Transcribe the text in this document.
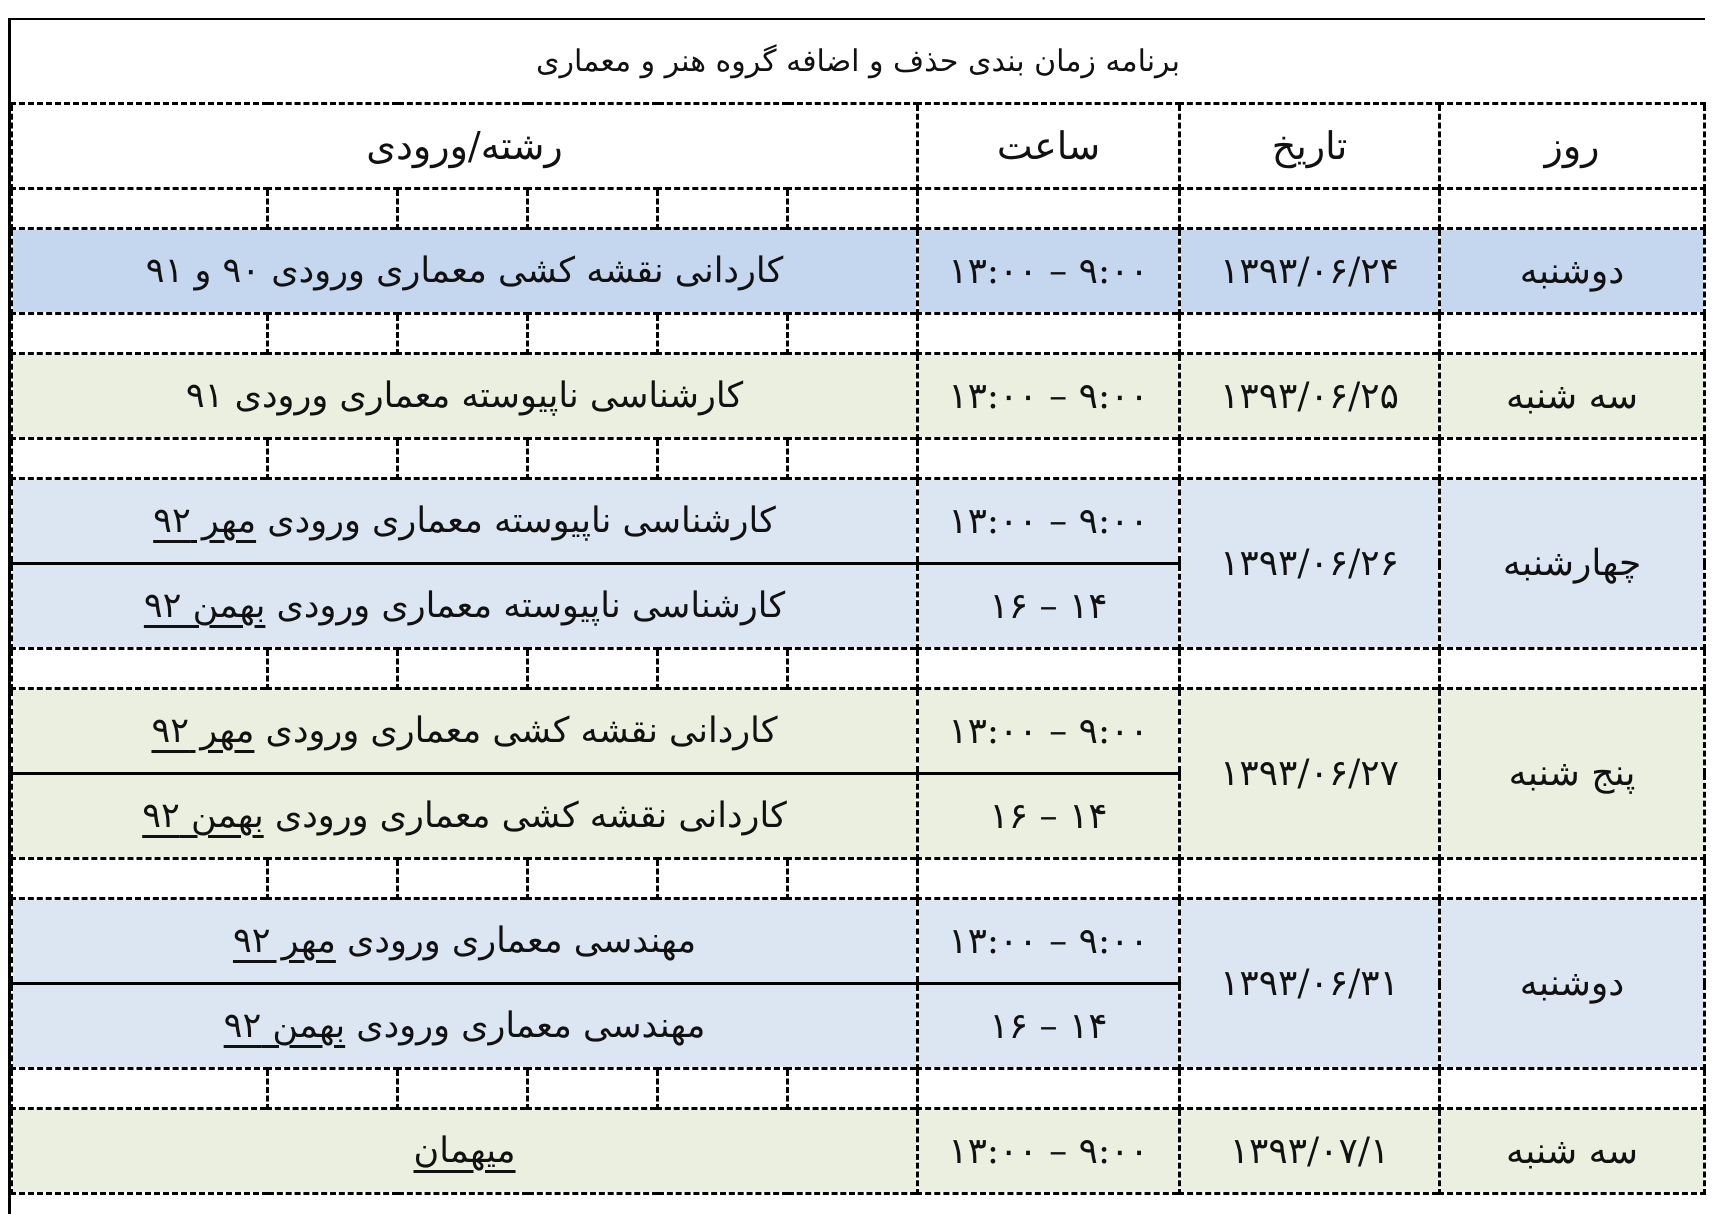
برنامه زمان بندی حذف و اضافه گروه هنر و معماری								
روز	تاریخ	ساعت	رشته/ورودی					

دوشنبه	۱۳۹۳/۰۶/۲۴	۹:۰۰ – ۱۳:۰۰	کاردانی نقشه کشی معماری ورودی ۹۰ و ۹۱					

سه شنبه	۱۳۹۳/۰۶/۲۵	۹:۰۰ – ۱۳:۰۰	کارشناسی ناپیوسته معماری ورودی ۹۱					

چهارشنبه	۱۳۹۳/۰۶/۲۶	۹:۰۰ – ۱۳:۰۰	کارشناسی ناپیوسته معماری ورودی مهر ۹۲					
		۱۴ – ۱۶	کارشناسی ناپیوسته معماری ورودی بهمن ۹۲					

پنج شنبه	۱۳۹۳/۰۶/۲۷	۹:۰۰ – ۱۳:۰۰	کاردانی نقشه کشی معماری ورودی مهر ۹۲					
		۱۴ – ۱۶	کاردانی نقشه کشی معماری ورودی بهمن ۹۲					

دوشنبه	۱۳۹۳/۰۶/۳۱	۹:۰۰ – ۱۳:۰۰	مهندسی معماری ورودی مهر ۹۲					
		۱۴ – ۱۶	مهندسی معماری ورودی بهمن ۹۲					

سه شنبه	۱۳۹۳/۰۷/۱	۹:۰۰ – ۱۳:۰۰	میهمان					
